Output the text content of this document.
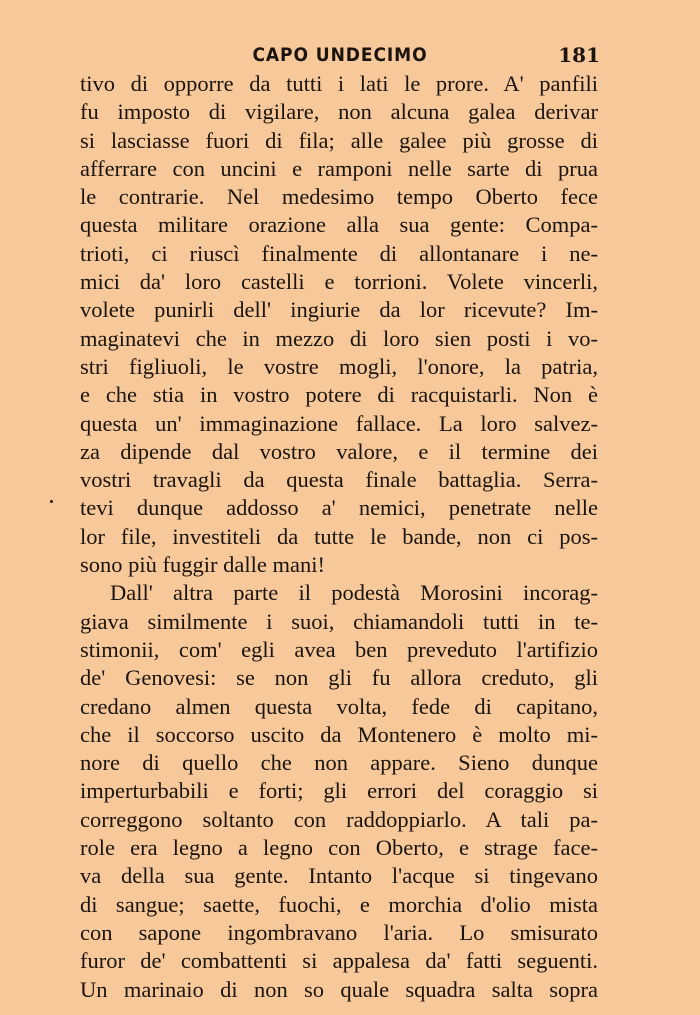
CAPO UNDECIMO	181
tivo di opporre da tutti i lati le prore. A' panfili
fu imposto di vigilare, non alcuna galea derivar
si lasciasse fuori di fila; alle galee più grosse di
afferrare con uncini e ramponi nelle sarte di prua
le contrarie. Nel medesimo tempo Oberto fece
questa militare orazione alla sua gente: Compa-
trioti, ci riuscì finalmente di allontanare i ne-
mici da' loro castelli e torrioni. Volete vincerli,
volete punirli dell' ingiurie da lor ricevute? Im-
maginatevi che in mezzo di loro sien posti i vo-
stri figliuoli, le vostre mogli, l'onore, la patria,
e che stia in vostro potere di racquistarli. Non è
questa un' immaginazione fallace. La loro salvez-
za dipende dal vostro valore, e il termine dei
vostri travagli da questa finale battaglia. Serra-
tevi dunque addosso a' nemici, penetrate nelle
lor file, investiteli da tutte le bande, non ci pos-
sono più fuggir dalle mani!
Dall' altra parte il podestà Morosini incorag-
giava similmente i suoi, chiamandoli tutti in te-
stimonii, com' egli avea ben preveduto l'artifizio
de' Genovesi: se non gli fu allora creduto, gli
credano almen questa volta, fede di capitano,
che il soccorso uscito da Montenero è molto mi-
nore di quello che non appare. Sieno dunque
imperturbabili e forti; gli errori del coraggio si
correggono soltanto con raddoppiarlo. A tali pa-
role era legno a legno con Oberto, e strage face-
va della sua gente. Intanto l'acque si tingevano
di sangue; saette, fuochi, e morchia d'olio mista
con sapone ingombravano l'aria. Lo smisurato
furor de' combattenti si appalesa da' fatti seguenti.
Un marinaio di non so quale squadra salta sopra
